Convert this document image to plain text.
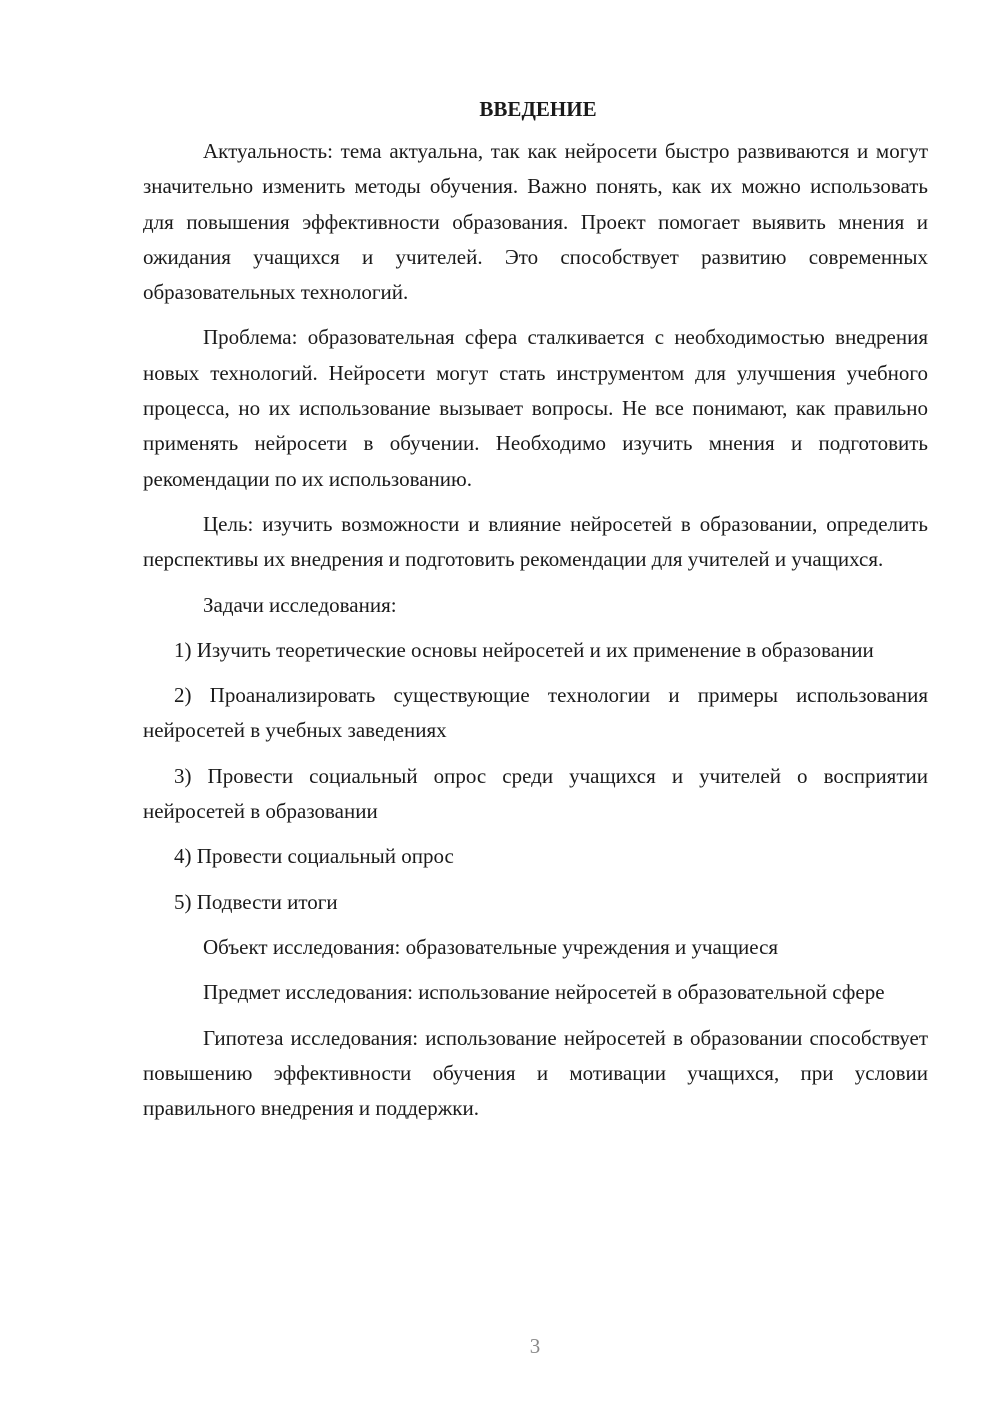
ВВЕДЕНИЕ

Актуальность: тема актуальна, так как нейросети быстро развиваются и могут значительно изменить методы обучения. Важно понять, как их можно использовать для повышения эффективности образования. Проект помогает выявить мнения и ожидания учащихся и учителей. Это способствует развитию современных образовательных технологий.

Проблема: образовательная сфера сталкивается с необходимостью внедрения новых технологий. Нейросети могут стать инструментом для улучшения учебного процесса, но их использование вызывает вопросы. Не все понимают, как правильно применять нейросети в обучении. Необходимо изучить мнения и подготовить рекомендации по их использованию.

Цель: изучить возможности и влияние нейросетей в образовании, определить перспективы их внедрения и подготовить рекомендации для учителей и учащихся.

Задачи исследования:

1) Изучить теоретические основы нейросетей и их применение в образовании

2) Проанализировать существующие технологии и примеры использования нейросетей в учебных заведениях

3) Провести социальный опрос среди учащихся и учителей о восприятии нейросетей в образовании

4) Провести социальный опрос

5) Подвести итоги

Объект исследования: образовательные учреждения и учащиеся

Предмет исследования: использование нейросетей в образовательной сфере

Гипотеза исследования: использование нейросетей в образовании способствует повышению эффективности обучения и мотивации учащихся, при условии правильного внедрения и поддержки.

3
